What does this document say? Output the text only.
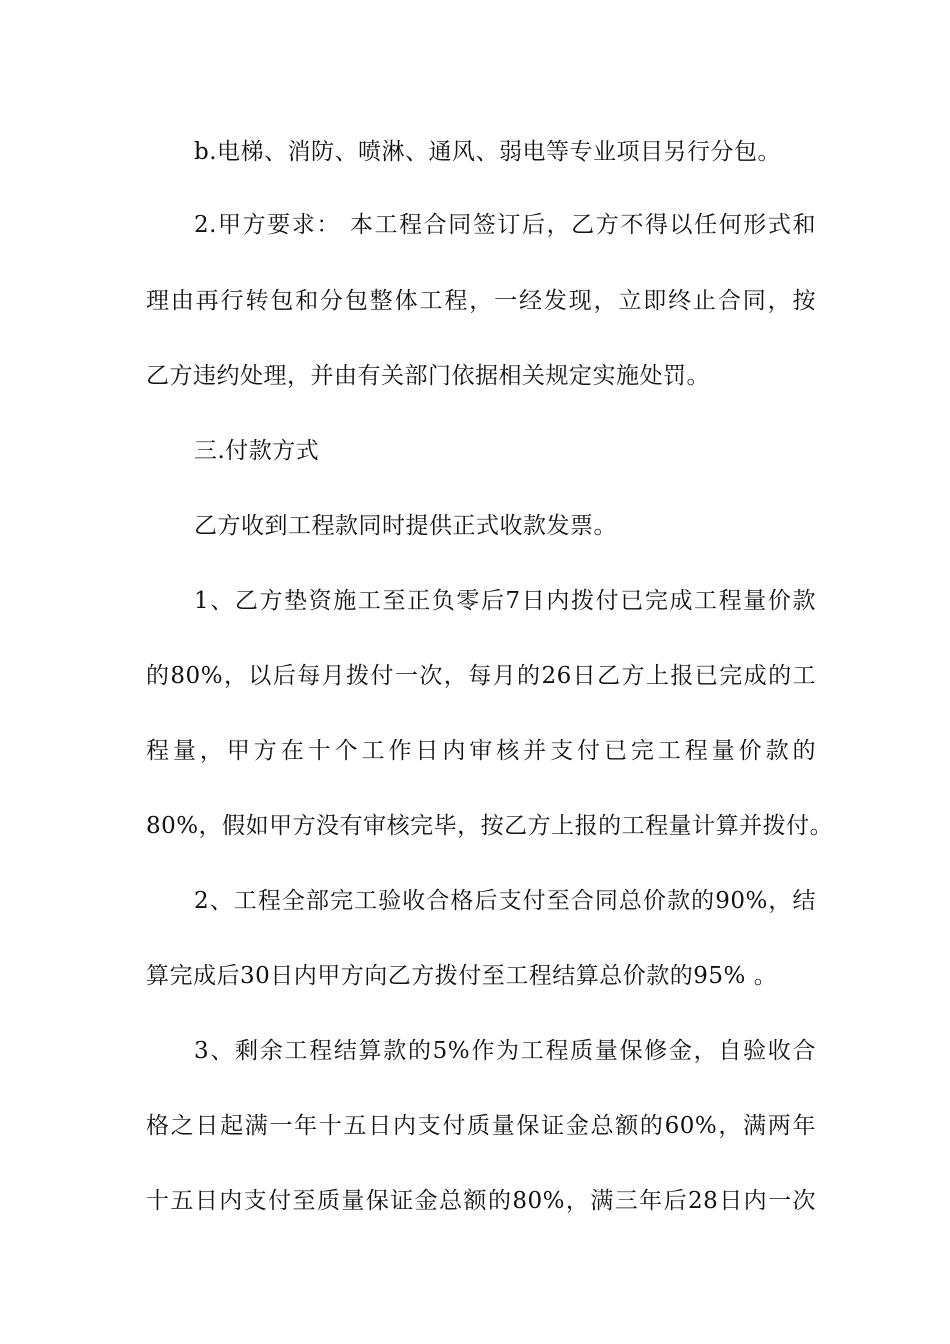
b.电梯、消防、喷淋、通风、弱电等专业项目另行分包。
2.甲方要求： 本工程合同签订后，乙方不得以任何形式和
理由再行转包和分包整体工程，一经发现，立即终止合同，按
乙方违约处理，并由有关部门依据相关规定实施处罚。
三.付款方式
乙方收到工程款同时提供正式收款发票。
1、乙方垫资施工至正负零后7日内拨付已完成工程量价款
的80%，以后每月拨付一次，每月的26日乙方上报已完成的工
程量，甲方在十个工作日内审核并支付已完工程量价款的
80%，假如甲方没有审核完毕，按乙方上报的工程量计算并拨付。
2、工程全部完工验收合格后支付至合同总价款的90%，结
算完成后30日内甲方向乙方拨付至工程结算总价款的95% 。
3、剩余工程结算款的5%作为工程质量保修金，自验收合
格之日起满一年十五日内支付质量保证金总额的60%，满两年
十五日内支付至质量保证金总额的80%，满三年后28日内一次
